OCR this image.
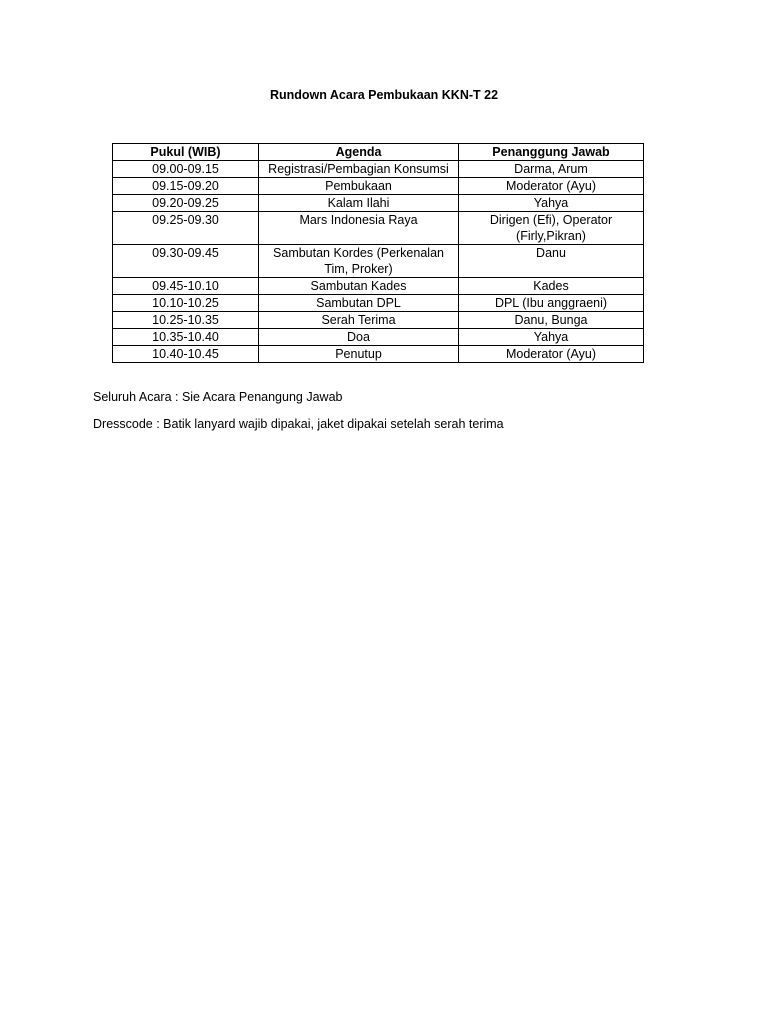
Rundown Acara Pembukaan KKN-T 22
Pukul (WIB)	Agenda	Penanggung Jawab
09.00-09.15	Registrasi/Pembagian Konsumsi	Darma, Arum
09.15-09.20	Pembukaan	Moderator (Ayu)
09.20-09.25	Kalam Ilahi	Yahya
09.25-09.30	Mars Indonesia Raya	Dirigen (Efi), Operator (Firly,Pikran)
09.30-09.45	Sambutan Kordes (Perkenalan Tim, Proker)	Danu
09.45-10.10	Sambutan Kades	Kades
10.10-10.25	Sambutan DPL	DPL (Ibu anggraeni)
10.25-10.35	Serah Terima	Danu, Bunga
10.35-10.40	Doa	Yahya
10.40-10.45	Penutup	Moderator (Ayu)
Seluruh Acara : Sie Acara Penangung Jawab
Dresscode : Batik lanyard wajib dipakai, jaket dipakai setelah serah terima
